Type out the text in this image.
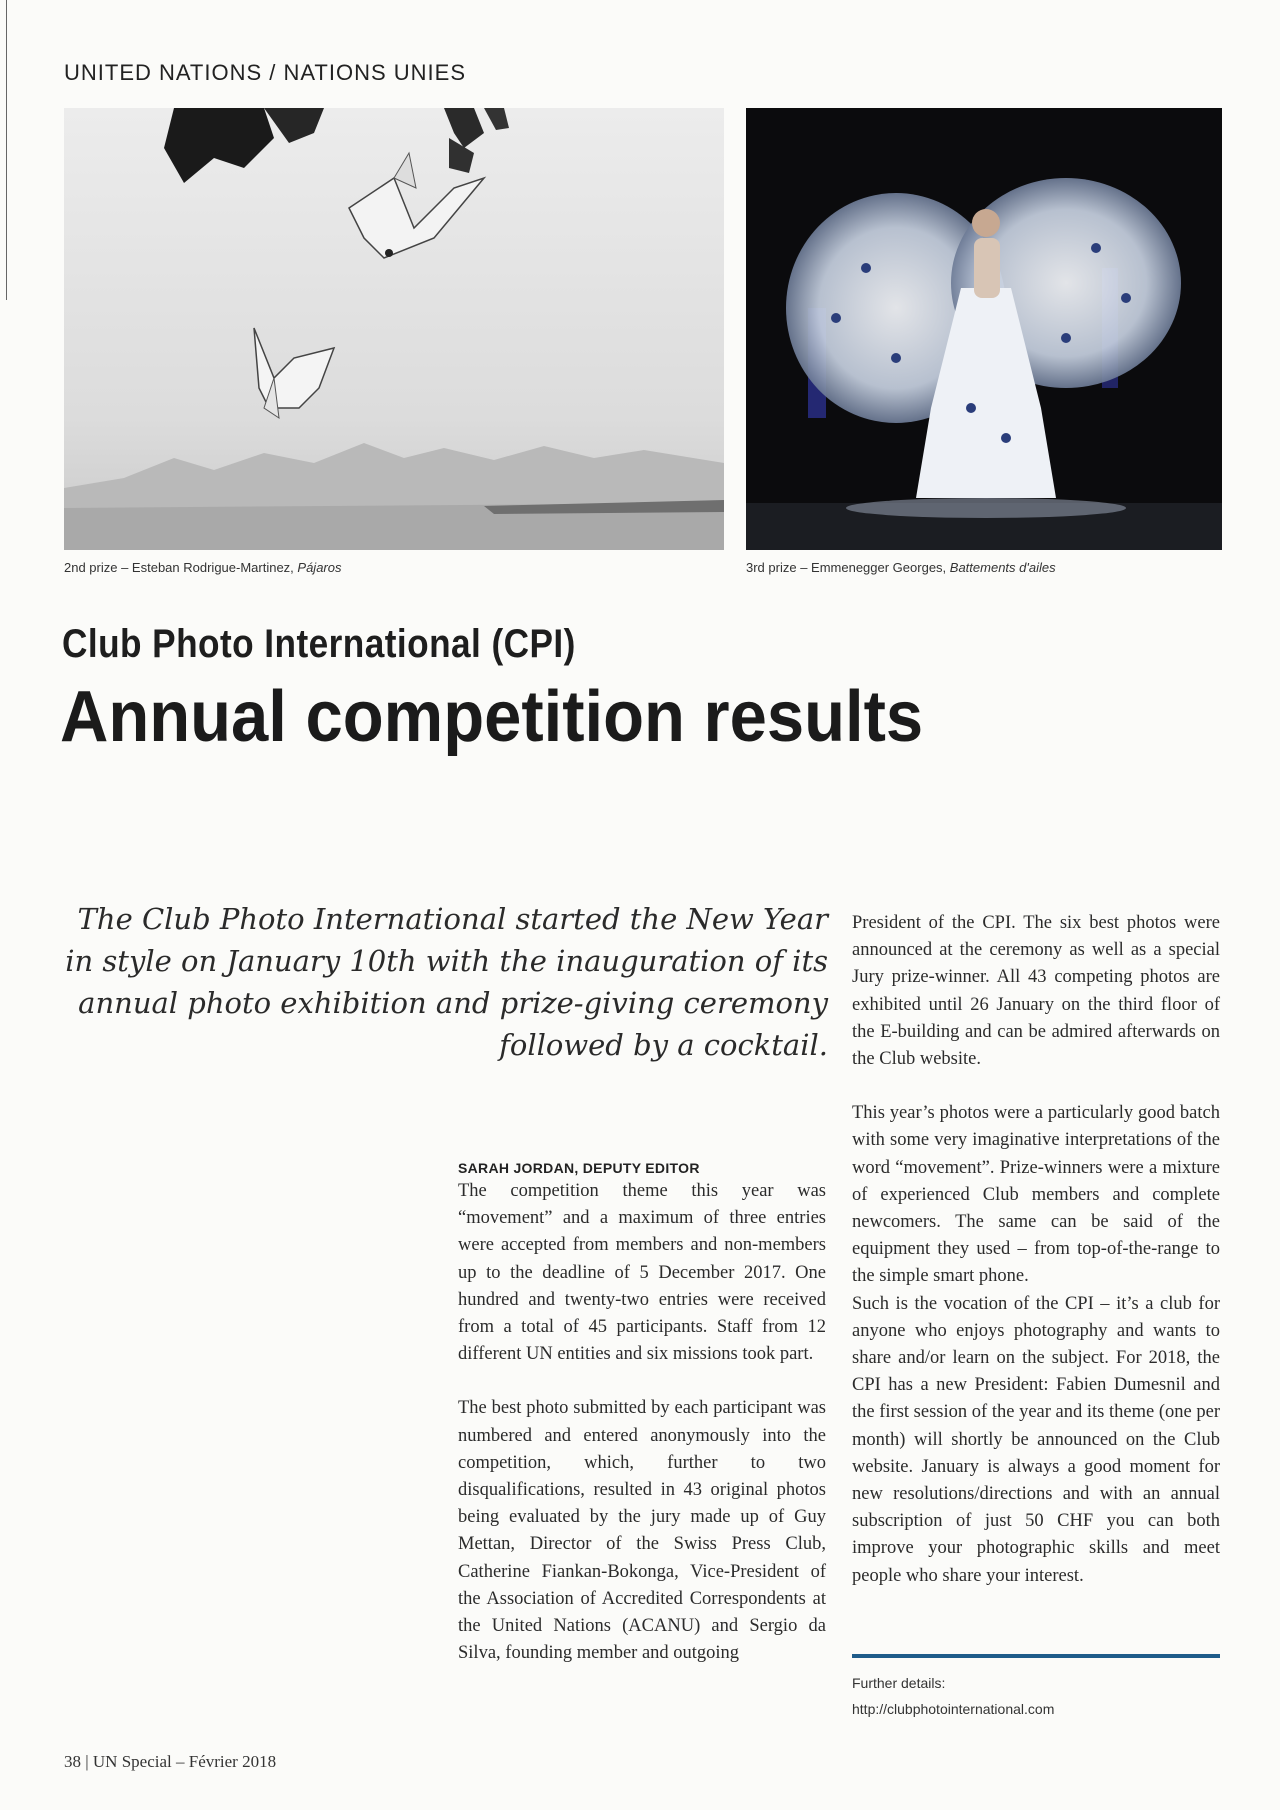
UNITED NATIONS / NATIONS UNIES
2nd prize – Esteban Rodrigue-Martinez, Pájaros	3rd prize – Emmenegger Georges, Battements d'ailes
Club Photo International (CPI)
Annual competition results
The Club Photo International started the New Year in style on January 10th with the inauguration of its annual photo exhibition and prize-giving ceremony followed by a cocktail.
SARAH JORDAN, DEPUTY EDITOR

The competition theme this year was “movement” and a maximum of three entries were accepted from members and non-members up to the deadline of 5 December 2017. One hundred and twenty-two entries were received from a total of 45 participants. Staff from 12 different UN entities and six missions took part.

The best photo submitted by each participant was numbered and entered anonymously into the competition, which, further to two disqualifications, resulted in 43 original photos being evaluated by the jury made up of Guy Mettan, Director of the Swiss Press Club, Catherine Fiankan-Bokonga, Vice-President of the Association of Accredited Correspondents at the United Nations (ACANU) and Sergio da Silva, founding member and outgoing

President of the CPI. The six best photos were announced at the ceremony as well as a special Jury prize-winner. All 43 competing photos are exhibited until 26 January on the third floor of the E-building and can be admired afterwards on the Club website.

This year’s photos were a particularly good batch with some very imaginative interpretations of the word “movement”. Prize-winners were a mixture of experienced Club members and complete newcomers. The same can be said of the equipment they used – from top-of-the-range to the simple smart phone.

Such is the vocation of the CPI – it’s a club for anyone who enjoys photography and wants to share and/or learn on the subject. For 2018, the CPI has a new President: Fabien Dumesnil and the first session of the year and its theme (one per month) will shortly be announced on the Club website. January is always a good moment for new resolutions/directions and with an annual subscription of just 50 CHF you can both improve your photographic skills and meet people who share your interest.

Further details:
http://clubphotointernational.com
38 | UN Special – Février 2018
